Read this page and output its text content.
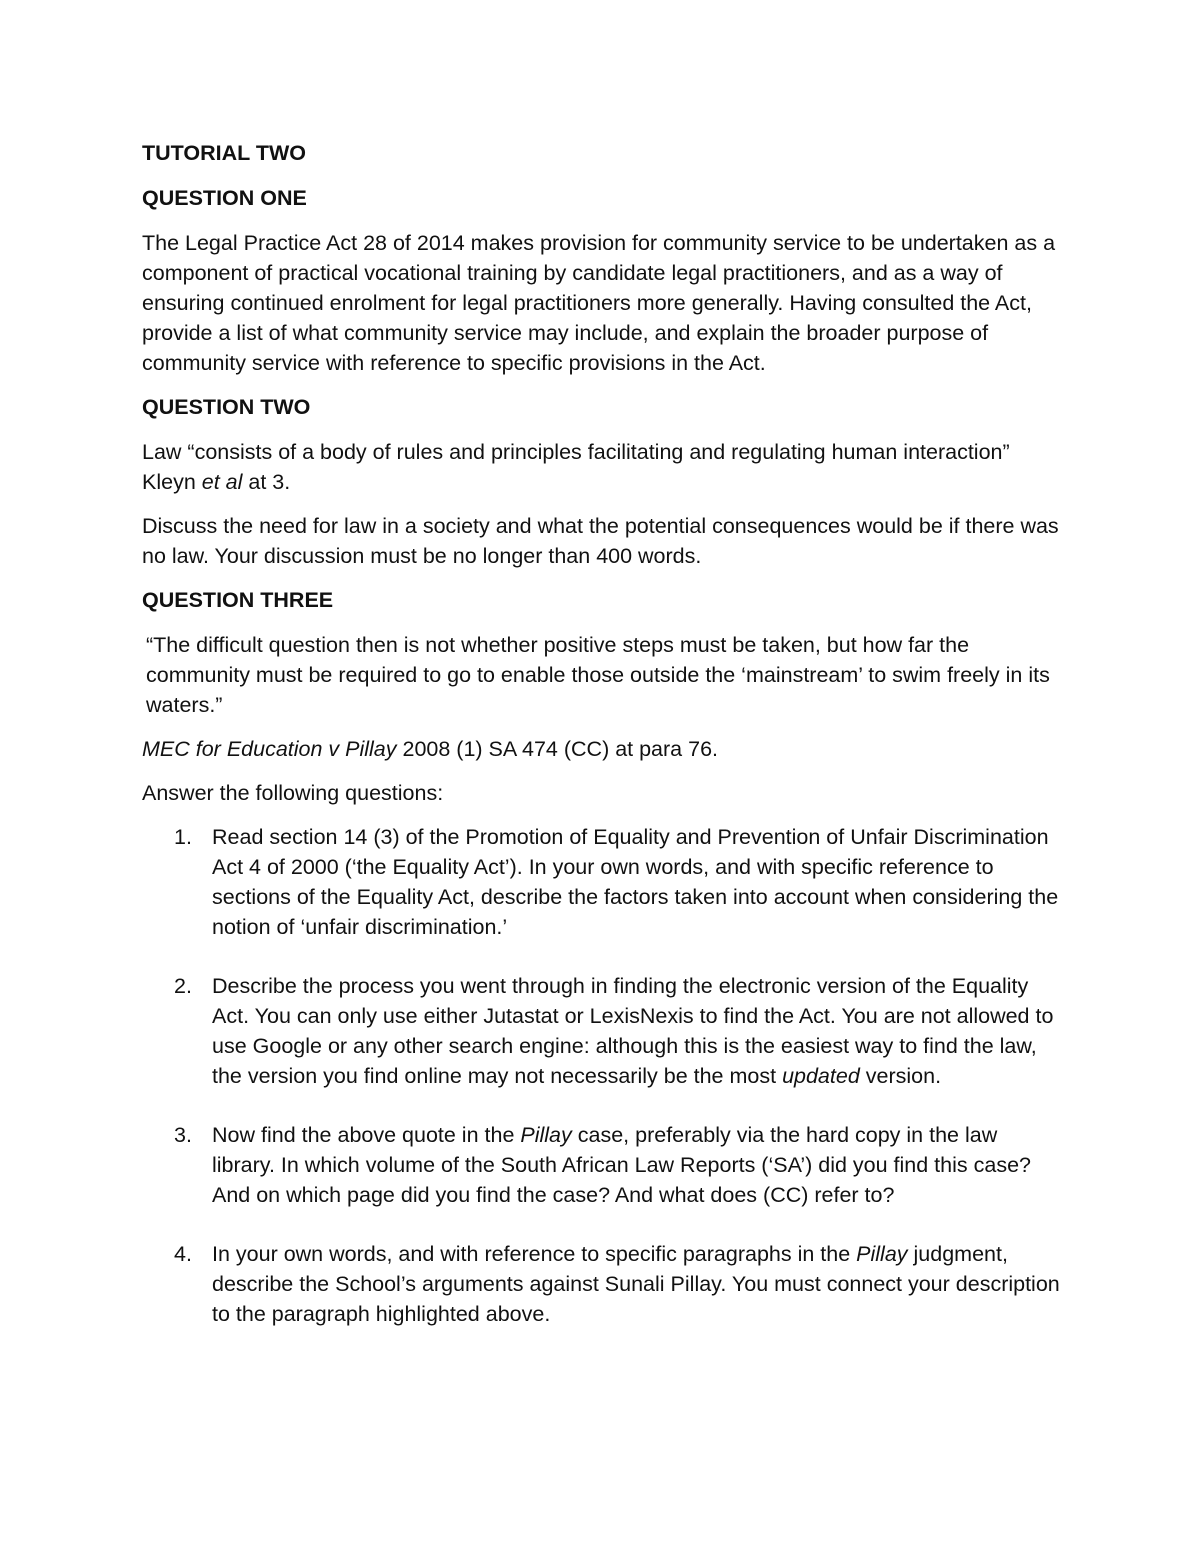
TUTORIAL TWO
QUESTION ONE

The Legal Practice Act 28 of 2014 makes provision for community service to be undertaken as a component of practical vocational training by candidate legal practitioners, and as a way of ensuring continued enrolment for legal practitioners more generally. Having consulted the Act, provide a list of what community service may include, and explain the broader purpose of community service with reference to specific provisions in the Act.

QUESTION TWO

Law “consists of a body of rules and principles facilitating and regulating human interaction” Kleyn et al at 3.

Discuss the need for law in a society and what the potential consequences would be if there was no law. Your discussion must be no longer than 400 words.

QUESTION THREE

“The difficult question then is not whether positive steps must be taken, but how far the community must be required to go to enable those outside the ‘mainstream’ to swim freely in its waters.”

MEC for Education v Pillay 2008 (1) SA 474 (CC) at para 76.

Answer the following questions:

1. Read section 14 (3) of the Promotion of Equality and Prevention of Unfair Discrimination Act 4 of 2000 (‘the Equality Act’). In your own words, and with specific reference to sections of the Equality Act, describe the factors taken into account when considering the notion of ‘unfair discrimination.’
2. Describe the process you went through in finding the electronic version of the Equality Act. You can only use either Jutastat or LexisNexis to find the Act. You are not allowed to use Google or any other search engine: although this is the easiest way to find the law, the version you find online may not necessarily be the most updated version.
3. Now find the above quote in the Pillay case, preferably via the hard copy in the law library. In which volume of the South African Law Reports (‘SA’) did you find this case? And on which page did you find the case? And what does (CC) refer to?
4. In your own words, and with reference to specific paragraphs in the Pillay judgment, describe the School’s arguments against Sunali Pillay. You must connect your description to the paragraph highlighted above.
